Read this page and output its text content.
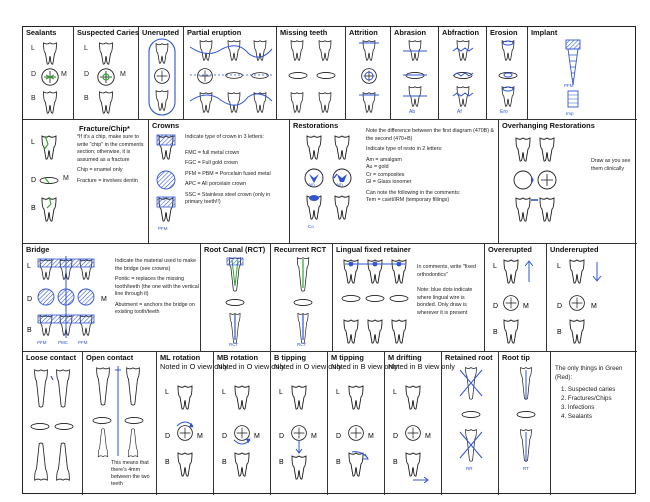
Sealants
L
D	M
B
Suspected Caries
L
D	M
B
Unerupted Partial eruption	Missing teeth	Attrition Abrasion
Ab
Abfraction
Af
Erosion
Ero
Implant
PFM
Imp
L
D
B
M
Fracture/Chip*

*If it's a chip, make sure to write "chip" in the comments section; otherwise, it is assumed as a fracture

Chip = enamel only

Fracture = involves dentin

Crowns
PFM

Indicate type of crown in 3 letters:

FMC = full metal crown

FGC = Full gold crown

PFM = PBM = Porcelain fused metal

APC = All porcelain crown

SSC = Stainless steel crown (only in primary teeth!!)

Restorations
Am	Am
Co

Note the difference between the first diagram (470B) & the second (470+B)

Indicate type of resto in 2 letters:

Am = amalgam

Au = gold

Cr = composites

Gl = Glass ionomer

Can note the following in the comments:

Tem = cavit/IRM (temporary fillings)

Overhanging Restorations
Draw as you see them clinically
Bridge
L
D	M
B
PFM	PMC PFM

Indicate the material used to make the bridge (see crowns)

Pontic = replaces the missing tooth/teeth (the one with the vertical line through it)

Abutment = anchors the bridge on existing tooth/teeth

Root Canal (RCT)
RCT
Recurrent RCT
RCT
Lingual fixed retainer

In comments, write "fixed orthodontics"

Note: blue dots indicate where lingual wire is bonded. Only draw is wherever it is present

Overerupted
L
D	M
B
Undererupted
L
D	M
B
Loose contact Open contact
This means that there's 4mm between the two teeth
ML rotation
Noted in O view only
L
D	M
B
MB rotation
Noted in O view only
L
D	M
B
B tipping
Noted in O view only
L
D	M
B
M tipping
Noted in B view only
L
D	M
B
M drifting
Noted in B view only
L
D	M
B
Retained root
RR
Root tip
RT

The only things in Green (Red):

1. Suspected caries
2. Fractures/Chips
3. Infections
4. Sealants
